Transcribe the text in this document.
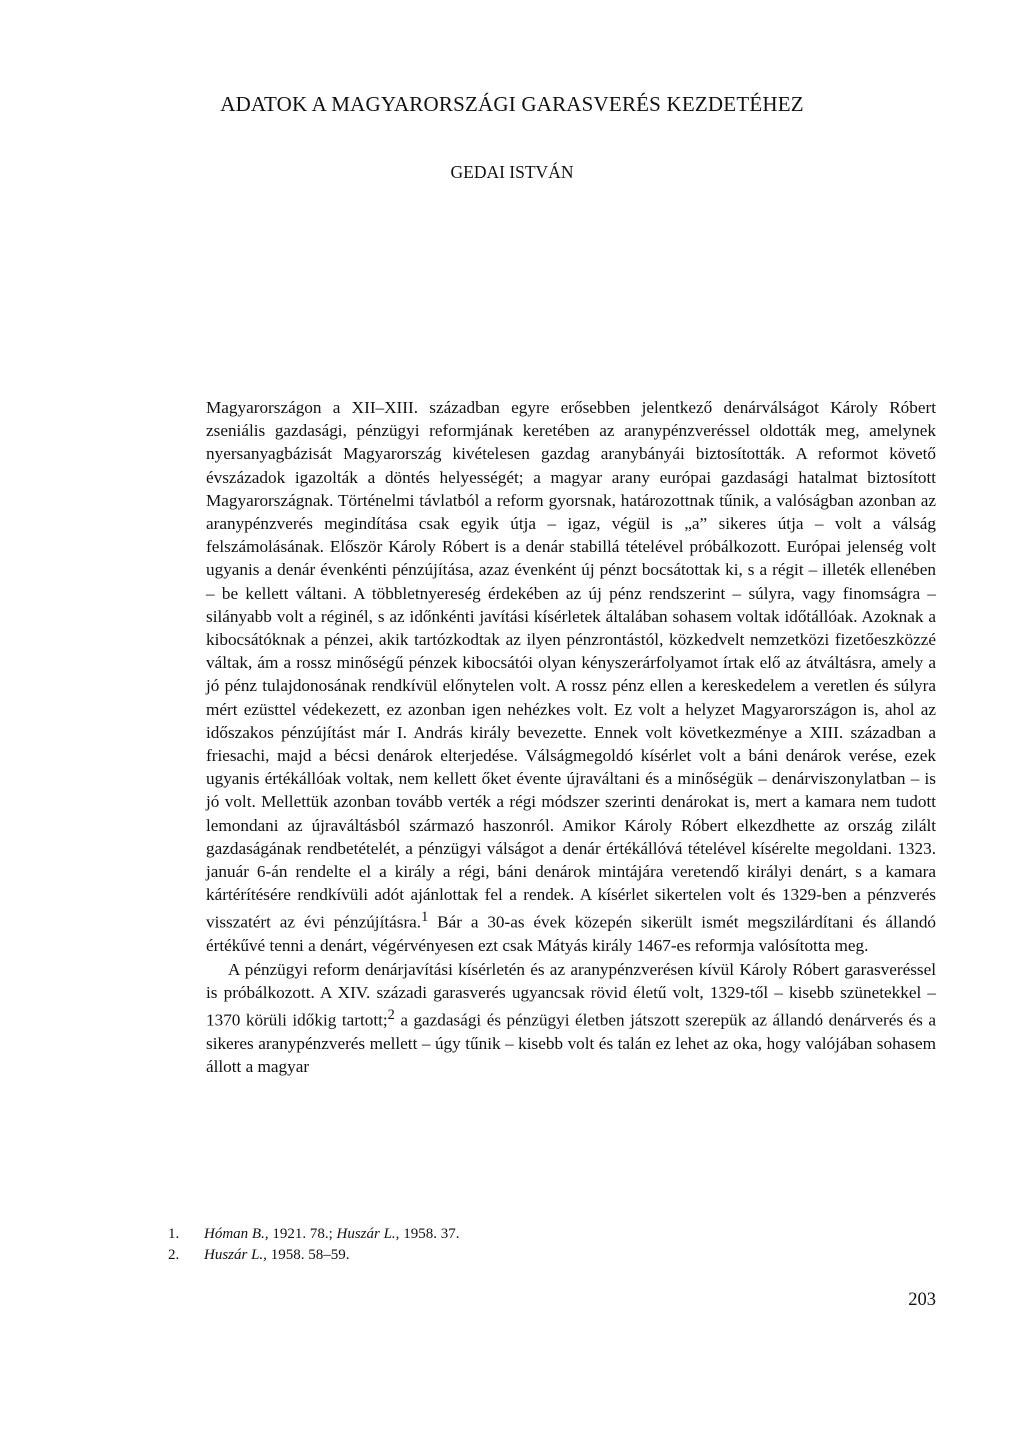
ADATOK A MAGYARORSZÁGI GARASVERÉS KEZDETÉHEZ
GEDAI ISTVÁN

Magyarországon a XII–XIII. században egyre erősebben jelentkező denárválságot Károly Róbert zseniális gazdasági, pénzügyi reformjának keretében az aranypénzveréssel oldották meg, amelynek nyersanyagbázisát Magyarország kivételesen gazdag aranybányái biztosították. A reformot követő évszázadok igazolták a döntés helyességét; a magyar arany európai gazdasági hatalmat biztosított Magyarországnak. Történelmi távlatból a reform gyorsnak, határozottnak tűnik, a valóságban azonban az aranypénzverés megindítása csak egyik útja – igaz, végül is „a” sikeres útja – volt a válság felszámolásának. Először Károly Róbert is a denár stabillá tételével próbálkozott. Európai jelenség volt ugyanis a denár évenkénti pénzújítása, azaz évenként új pénzt bocsátottak ki, s a régit – illeték ellenében – be kellett váltani. A többletnyereség érdekében az új pénz rendszerint – súlyra, vagy finomságra – silányabb volt a réginél, s az időnkénti javítási kísérletek általában sohasem voltak időtállóak. Azoknak a kibocsátóknak a pénzei, akik tartózkodtak az ilyen pénzrontástól, közkedvelt nemzetközi fizetőeszközzé váltak, ám a rossz minőségű pénzek kibocsátói olyan kényszerárfolyamot írtak elő az átváltásra, amely a jó pénz tulajdonosának rendkívül előnytelen volt. A rossz pénz ellen a kereskedelem a veretlen és súlyra mért ezüsttel védekezett, ez azonban igen nehézkes volt. Ez volt a helyzet Magyarországon is, ahol az időszakos pénzújítást már I. András király bevezette. Ennek volt következménye a XIII. században a friesachi, majd a bécsi denárok elterjedése. Válságmegoldó kísérlet volt a báni denárok verése, ezek ugyanis értékállóak voltak, nem kellett őket évente újraváltani és a minőségük – denárviszonylatban – is jó volt. Mellettük azonban tovább verték a régi módszer szerinti denárokat is, mert a kamara nem tudott lemondani az újraváltásból származó haszonról. Amikor Károly Róbert elkezdhette az ország zilált gazdaságának rendbetételét, a pénzügyi válságot a denár értékállóvá tételével kísérelte megoldani. 1323. január 6-án rendelte el a király a régi, báni denárok mintájára veretendő királyi denárt, s a kamara kártérítésére rendkívüli adót ajánlottak fel a rendek. A kísérlet sikertelen volt és 1329-ben a pénzverés visszatért az évi pénzújításra.$^1$ Bár a 30-as évek közepén sikerült ismét megszilárdítani és állandó értékűvé tenni a denárt, végérvényesen ezt csak Mátyás király 1467-es reformja valósította meg.

A pénzügyi reform denárjavítási kísérletén és az aranypénzverésen kívül Károly Róbert garasveréssel is próbálkozott. A XIV. századi garasverés ugyancsak rövid életű volt, 1329-től – kisebb szünetekkel – 1370 körüli időkig tartott;$^2$ a gazdasági és pénzügyi életben játszott szerepük az állandó denárverés és a sikeres aranypénzverés mellett – úgy tűnik – kisebb volt és talán ez lehet az oka, hogy valójában sohasem állott a magyar

1. Hóman B., 1921. 78.; Huszár L., 1958. 37.
2. Huszár L., 1958. 58–59.
203
